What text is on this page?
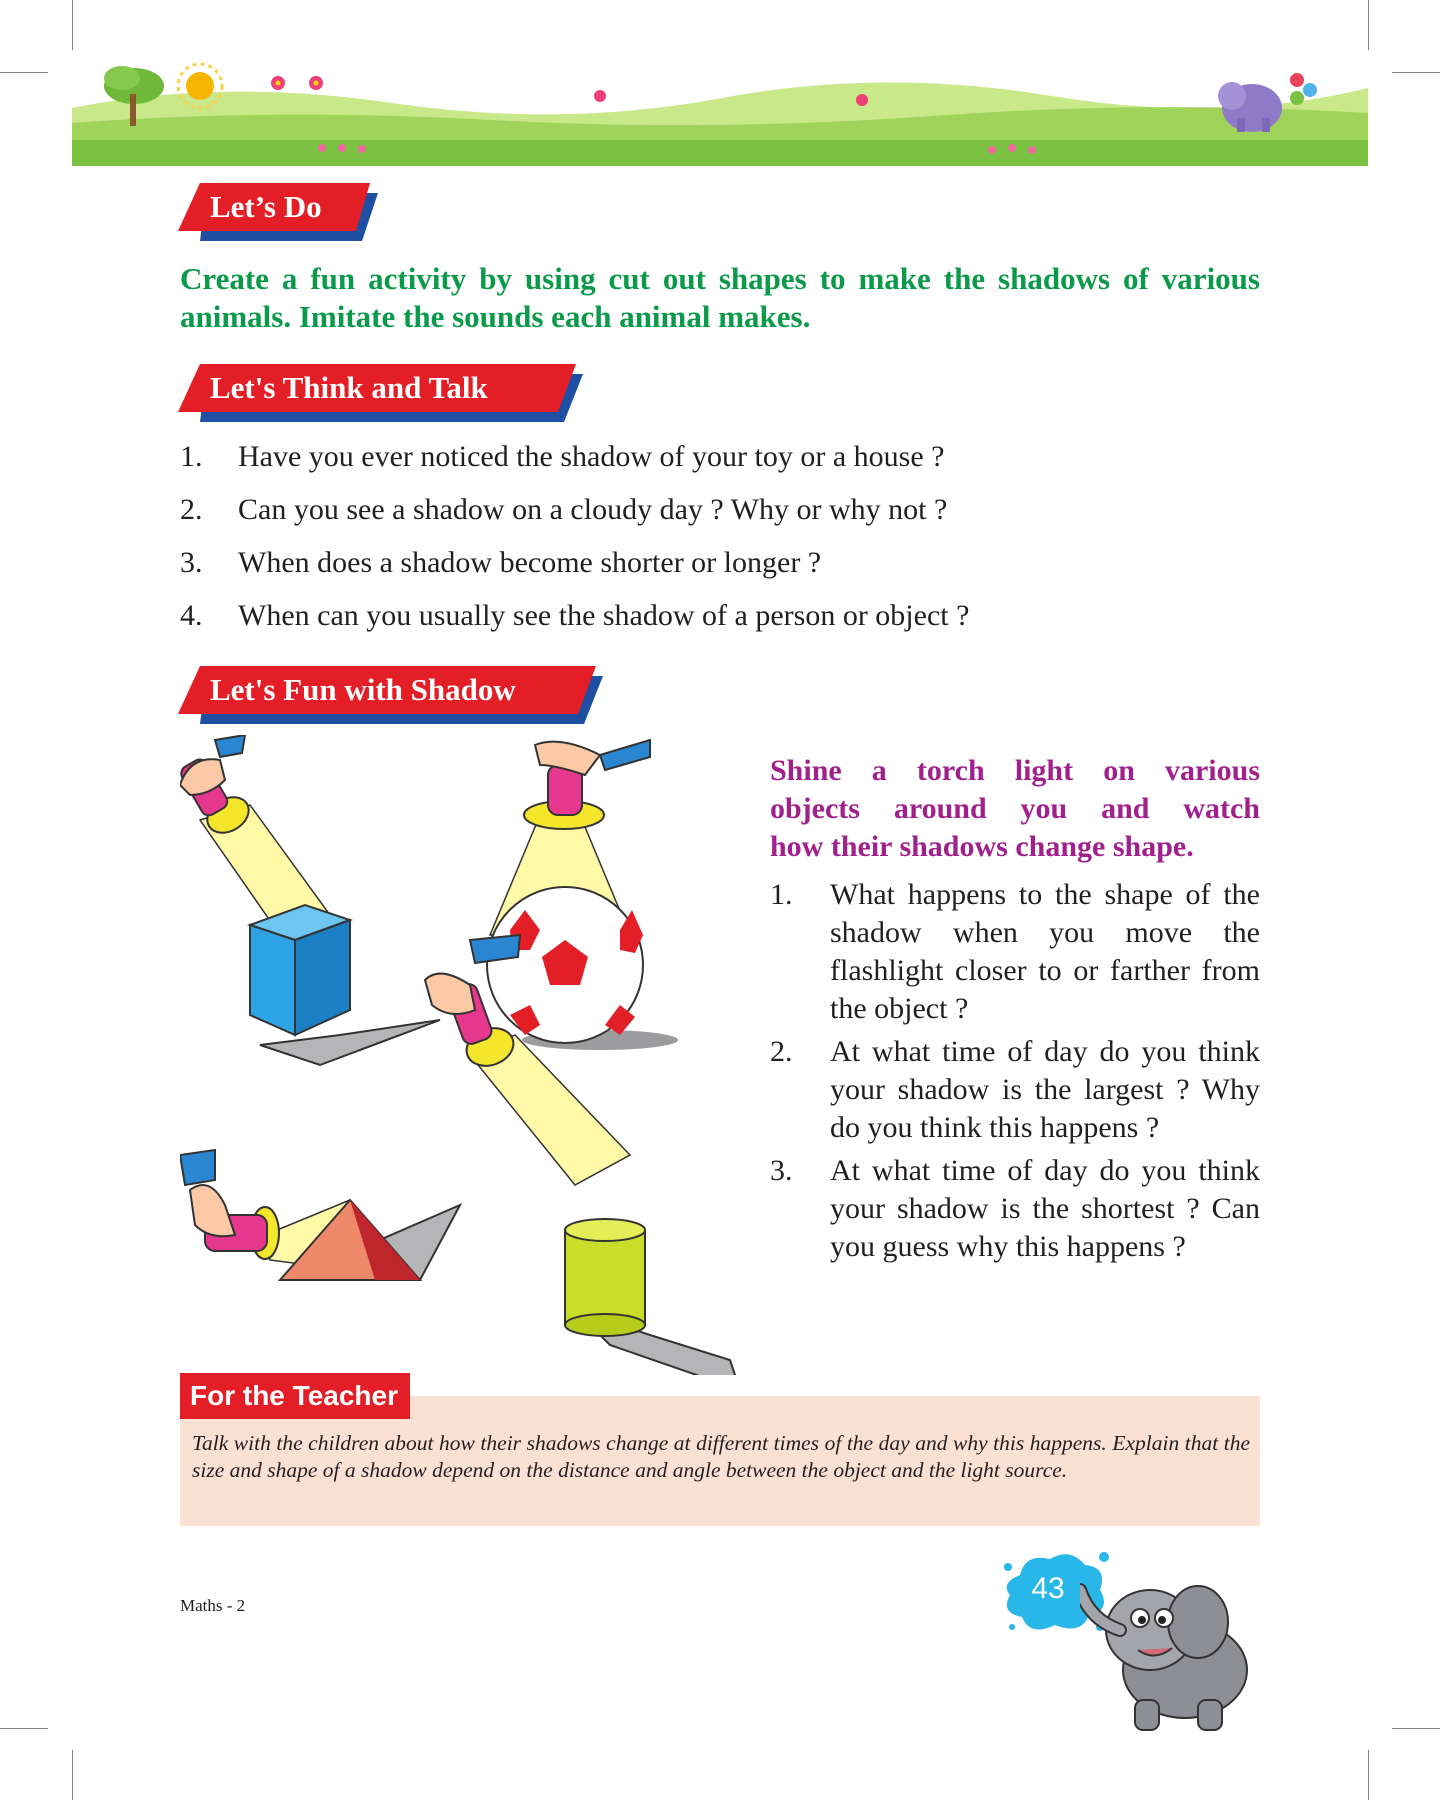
Let’s Do
Create a fun activity by using cut out shapes to make the shadows of various animals. Imitate the sounds each animal makes.
Let's Think and Talk
1.	Have you ever noticed the shadow of your toy or a house ?
2.	Can you see a shadow on a cloudy day ? Why or why not ?
3.	When does a shadow become shorter or longer ?
4.	When can you usually see the shadow of a person or object ?
Let's Fun with Shadow
Shine a torch light on various
objects around you and watch
how their shadows change shape.
1.	What happens to the shape of the shadow when you move the flashlight closer to or farther from the object ?
2.	At what time of day do you think your shadow is the largest ? Why do you think this happens ?
3.	At what time of day do you think your shadow is the shortest ? Can you guess why this happens ?
For the Teacher
Talk with the children about how their shadows change at different times of the day and why this happens. Explain that the size and shape of a shadow depend on the distance and angle between the object and the light source.
Maths - 2
43
